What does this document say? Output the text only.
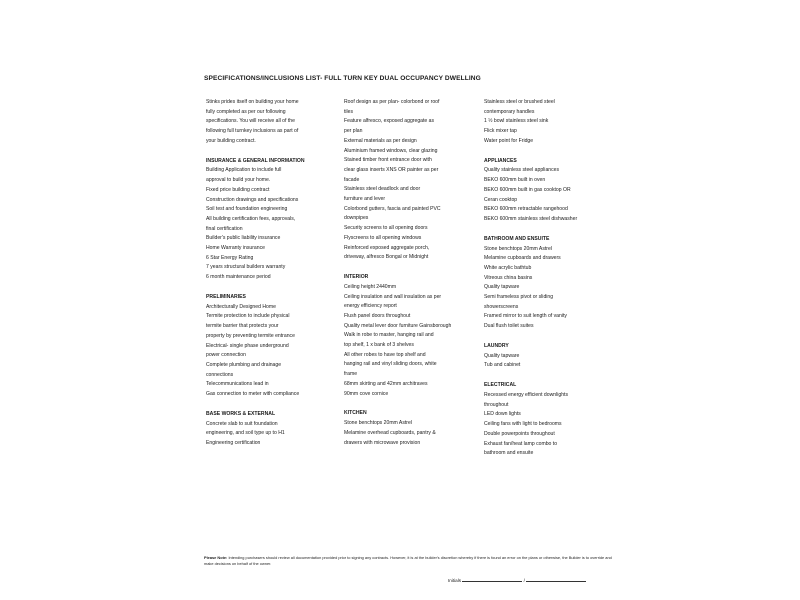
SPECIFICATIONS/INCLUSIONS LIST- FULL TURN KEY DUAL OCCUPANCY DWELLING
Stinks prides itself on building your home
fully completed as per our following
specifications. You will receive all of the
following full turnkey inclusions as part of
your building contract.
INSURANCE & GENERAL INFORMATION
Building Application to include full
approval to build your home.
Fixed price building contract
Construction drawings and specifications
Soil test and foundation engineering
All building certification fees, approvals,
final certification
Builder's public liability insurance
Home Warranty insurance
6 Star Energy Rating
7 years structural builders warranty
6 month maintenance period
PRELIMINARIES
Architecturally Designed Home
Termite protection to include physical
termite barrier that protects your
property by preventing termite entrance
Electrical- single phase underground
power connection
Complete plumbing and drainage
connections
Telecommunications lead in
Gas connection to meter with compliance
BASE WORKS & EXTERNAL
Concrete slab to suit foundation
engineering, and soil type up to H1
Engineering certification
Roof design as per plan- colorbond or roof
tiles
Feature alfresco, exposed aggregate as
per plan
External materials as per design
Aluminium framed windows, clear glazing
Stained timber front entrance door with
clear glass inserts XNS OR painter as per
facade
Stainless steel deadlock and door
furniture and lever
Colorbond gutters, fascia and painted PVC
downpipes
Security screens to all opening doors
Flyscreens to all opening windows
Reinforced exposed aggregate porch,
driveway, alfresco Bongal or Midnight
INTERIOR
Ceiling height 2440mm
Ceiling insulation and wall insulation as per
energy efficiency report
Flush panel doors throughout
Quality metal lever door furniture Gainsborough
Walk in robe to master, hanging rail and
top shelf, 1 x bank of 3 shelves
All other robes to have top shelf and
hanging rail and vinyl sliding doors, white
frame
68mm skirting and 42mm architraves
90mm cove cornice
KITCHEN
Stone benchtops 20mm Astrel
Melamine overhead cupboards, pantry &
drawers with microwave provision
Stainless steel or brushed steel
contemporary handles
1 ½ bowl stainless steel sink
Flick mixer tap
Water point for Fridge
APPLIANCES
Quality stainless steel appliances
BEKO 600mm built in oven
BEKO 600mm built in gas cooktop OR
Ceran cooktop
BEKO 600mm retractable rangehood
BEKO 600mm stainless steel dishwasher
BATHROOM AND ENSUITE
Stone benchtops 20mm Astrel
Melamine cupboards and drawers
White acrylic bathtub
Vitreous china basins
Quality tapware
Semi frameless pivot or sliding
showerscreens
Framed mirror to suit length of vanity
Dual flush toilet suites
LAUNDRY
Quality tapware
Tub and cabinet
ELECTRICAL
Recessed energy efficient downlights
throughout
LED down lights
Ceiling fans with light to bedrooms
Double powerpoints throughout
Exhaust fan/heat lamp combo to
bathroom and ensuite
Please Note: Intending purchasers should review all documentation provided prior to signing any contracts. However, it is at the builder's discretion whereby if there is found an error on the plans or otherwise, the Builder is to override and make decisions on behalf of the owner.
Initials	/
